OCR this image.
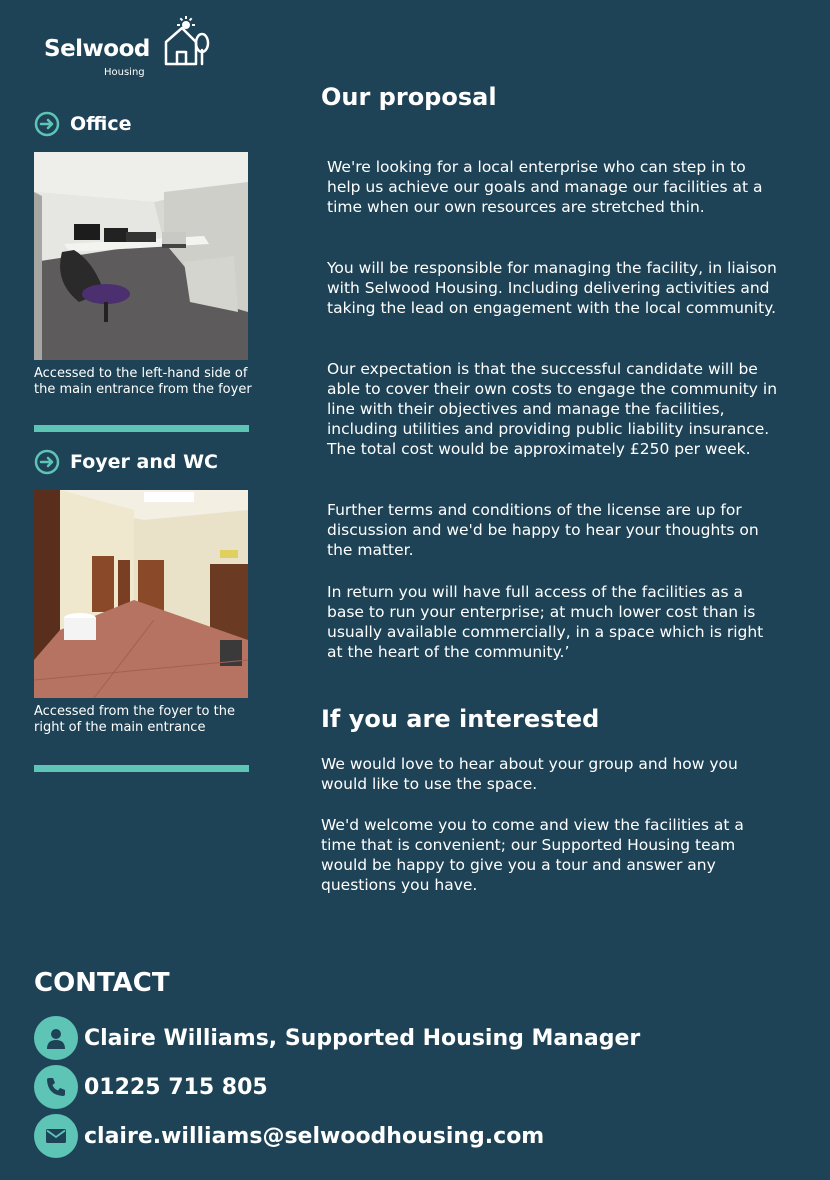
Selwood
Housing
Office
Accessed to the left-hand side of the main entrance from the foyer
Foyer and WC
Accessed from the foyer to the right of the main entrance
Our proposal
We're looking for a local enterprise who can step in to help us achieve our goals and manage our facilities at a time when our own resources are stretched thin.
You will be responsible for managing the facility, in liaison with Selwood Housing. Including delivering activities and taking the lead on engagement with the local community.
Our expectation is that the successful candidate will be able to cover their own costs to engage the community in line with their objectives and manage the facilities, including utilities and providing public liability insurance. The total cost would be approximately £250 per week.
Further terms and conditions of the license are up for discussion and we'd be happy to hear your thoughts on the matter.
In return you will have full access of the facilities as a base to run your enterprise; at much lower cost than is usually available commercially, in a space which is right at the heart of the community.’
If you are interested
We would love to hear about your group and how you would like to use the space.
We'd welcome you to come and view the facilities at a time that is convenient; our Supported Housing team would be happy to give you a tour and answer any questions you have.
CONTACT
Claire Williams, Supported Housing Manager
01225 715 805
claire.williams@selwoodhousing.com
